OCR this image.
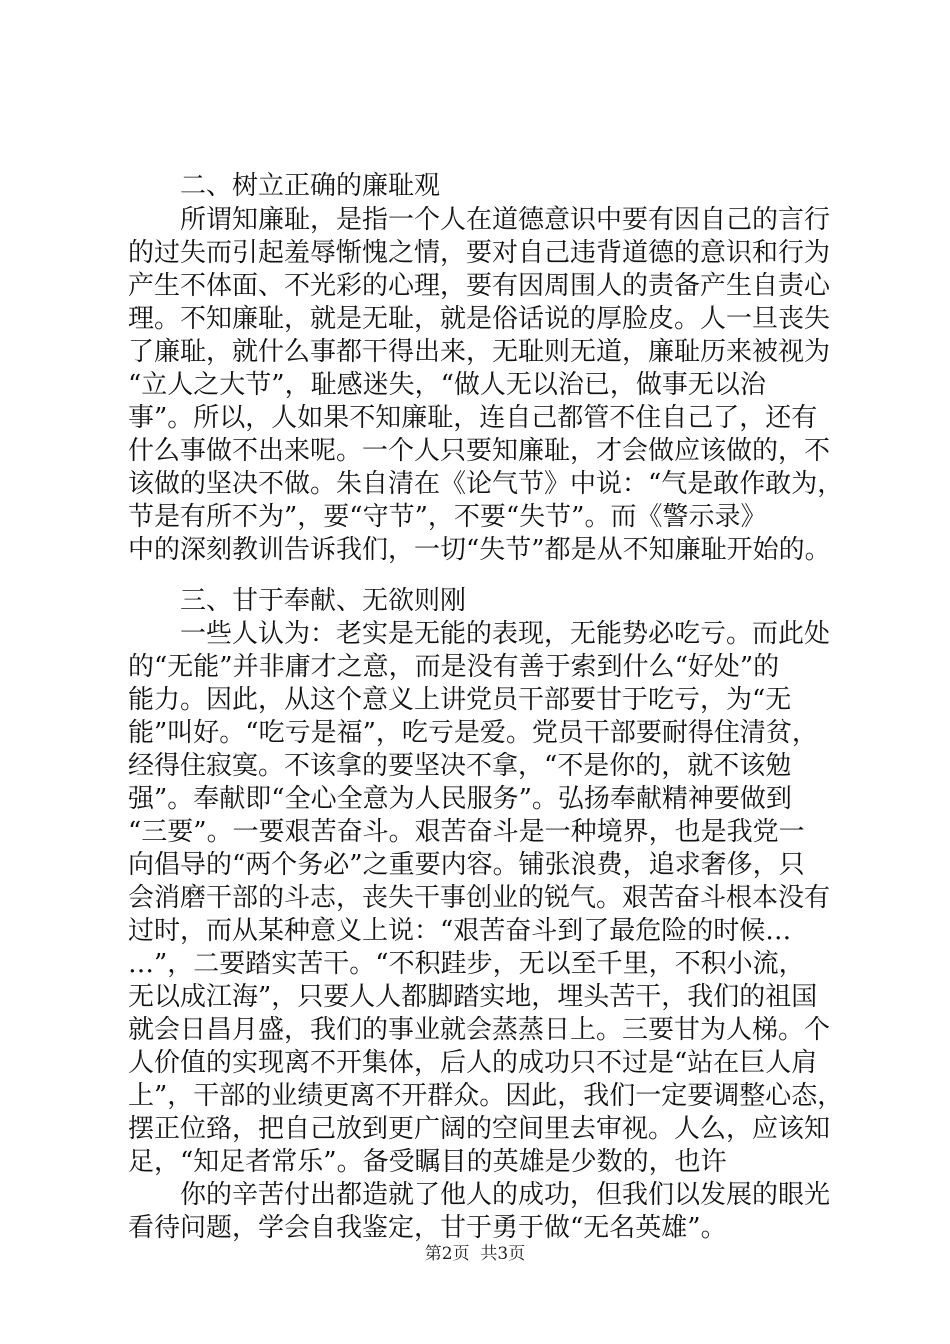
二、树立正确的廉耻观
所谓知廉耻，是指一个人在道德意识中要有因自己的言行
的过失而引起羞辱惭愧之情，要对自己违背道德的意识和行为
产生不体面、不光彩的心理，要有因周围人的责备产生自责心
理。不知廉耻，就是无耻，就是俗话说的厚脸皮。人一旦丧失
了廉耻，就什么事都干得出来，无耻则无道，廉耻历来被视为
“立人之大节”，耻感迷失，“做人无以治已，做事无以治
事”。所以，人如果不知廉耻，连自己都管不住自己了，还有
什么事做不出来呢。一个人只要知廉耻，才会做应该做的，不
该做的坚决不做。朱自清在《论气节》中说：“气是敢作敢为，
节是有所不为”，要“守节”，不要“失节”。而《警示录》
中的深刻教训告诉我们，一切“失节”都是从不知廉耻开始的。
三、甘于奉献、无欲则刚
一些人认为：老实是无能的表现，无能势必吃亏。而此处
的“无能”并非庸才之意，而是没有善于索到什么“好处”的
能力。因此，从这个意义上讲党员干部要甘于吃亏，为“无
能”叫好。“吃亏是福”，吃亏是爱。党员干部要耐得住清贫，
经得住寂寞。不该拿的要坚决不拿，“不是你的，就不该勉
强”。奉献即“全心全意为人民服务”。弘扬奉献精神要做到
“三要”。一要艰苦奋斗。艰苦奋斗是一种境界，也是我党一
向倡导的“两个务必”之重要内容。铺张浪费，追求奢侈，只
会消磨干部的斗志，丧失干事创业的锐气。艰苦奋斗根本没有
过时，而从某种意义上说：“艰苦奋斗到了最危险的时候…
…”，二要踏实苦干。“不积跬步，无以至千里，不积小流，
无以成江海”，只要人人都脚踏实地，埋头苦干，我们的祖国
就会日昌月盛，我们的事业就会蒸蒸日上。三要甘为人梯。个
人价值的实现离不开集体，后人的成功只不过是“站在巨人肩
上”，干部的业绩更离不开群众。因此，我们一定要调整心态，
摆正位臵，把自己放到更广阔的空间里去审视。人么，应该知
足，“知足者常乐”。备受瞩目的英雄是少数的，也许
你的辛苦付出都造就了他人的成功，但我们以发展的眼光
看待问题，学会自我鉴定，甘于勇于做“无名英雄”。
第2页  共3页
